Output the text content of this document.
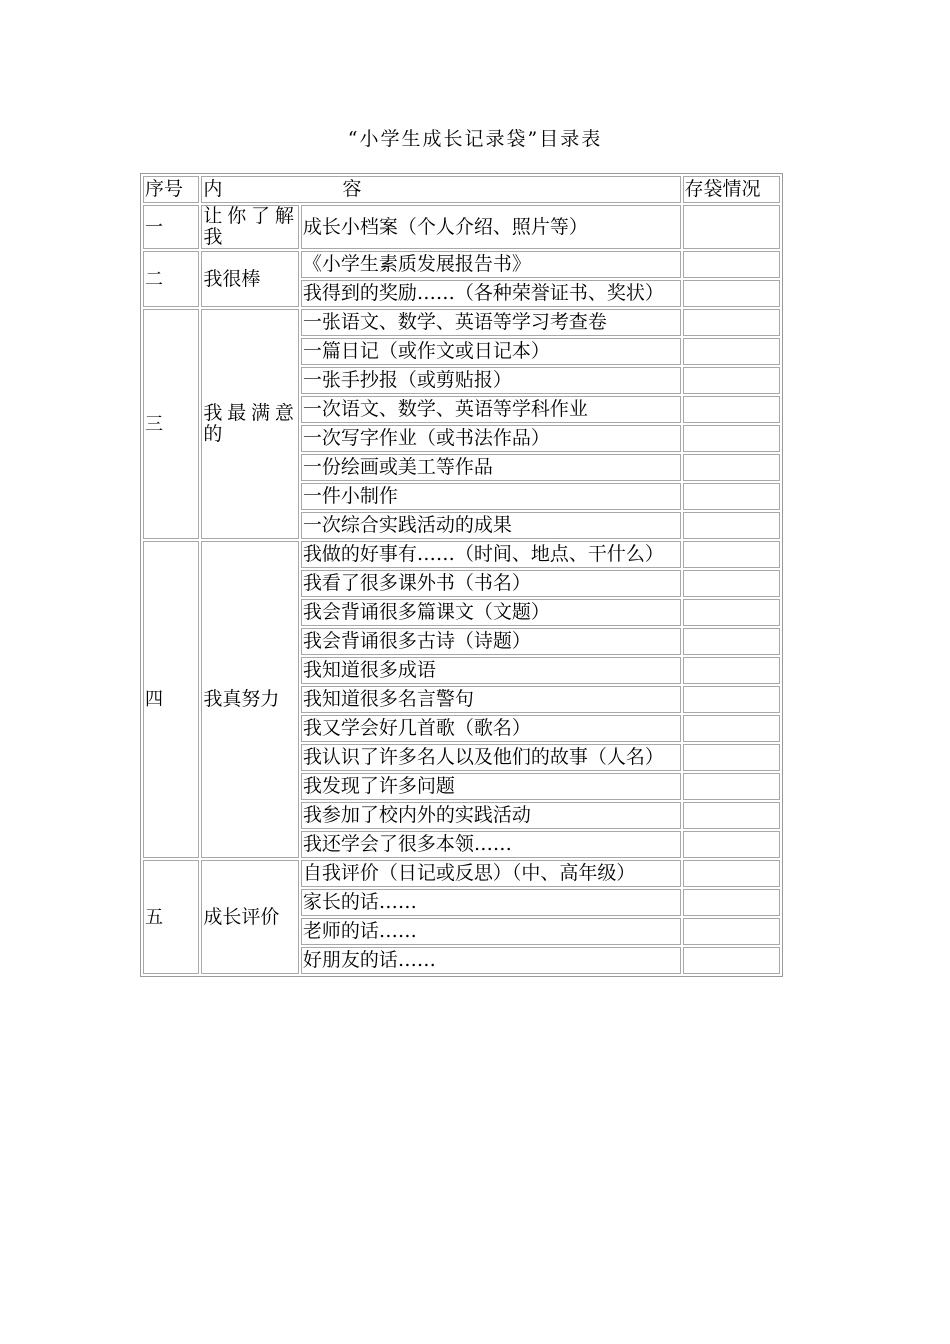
“小学生成长记录袋”目录表
序号	内 容		存袋情况
一	让你了解我	成长小档案（个人介绍、照片等）	
二	我很棒	《小学生素质发展报告书》	
		我得到的奖励……（各种荣誉证书、奖状）	
三	我最满意的	一张语文、数学、英语等学习考查卷	
		一篇日记（或作文或日记本）	
		一张手抄报（或剪贴报）	
		一次语文、数学、英语等学科作业	
		一次写字作业（或书法作品）	
		一份绘画或美工等作品	
		一件小制作	
		一次综合实践活动的成果	
四	我真努力	我做的好事有……（时间、地点、干什么）	
		我看了很多课外书（书名）	
		我会背诵很多篇课文（文题）	
		我会背诵很多古诗（诗题）	
		我知道很多成语	
		我知道很多名言警句	
		我又学会好几首歌（歌名）	
		我认识了许多名人以及他们的故事（人名）	
		我发现了许多问题	
		我参加了校内外的实践活动	
		我还学会了很多本领……	
五	成长评价	自我评价（日记或反思）（中、高年级）	
		家长的话……	
		老师的话……	
		好朋友的话……	
